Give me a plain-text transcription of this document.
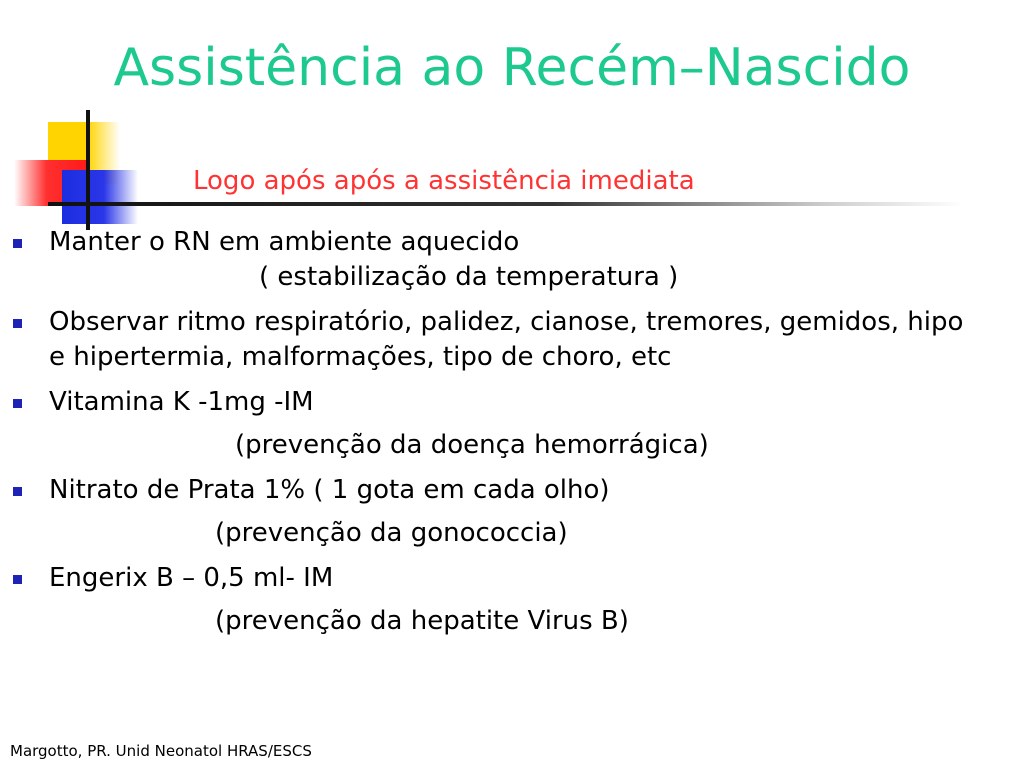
Assistência ao Recém–Nascido
Logo após após a assistência imediata
Manter o RN em ambiente aquecido
( estabilização da temperatura )
Observar ritmo respiratório, palidez, cianose, tremores, gemidos, hipo e hipertermia, malformações, tipo de choro, etc
Vitamina K -1mg -IM
(prevenção da doença hemorrágica)
Nitrato de Prata 1% ( 1 gota em cada olho)
(prevenção da gonococcia)
Engerix B – 0,5 ml- IM
(prevenção da hepatite Virus B)
Margotto, PR. Unid Neonatol HRAS/ESCS
